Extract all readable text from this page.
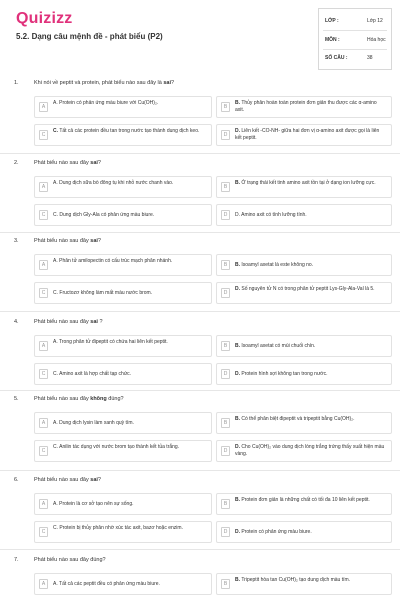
Quizizz
5.2. Dạng câu mệnh đề - phát biểu (P2)
LỚP :	Lớp 12
MÔN :	Hóa học
SỐ CÂU :	38
1.	Khi nói về peptit và protein, phát biểu nào sau đây là sai?
A
A. Protein có phản ứng màu biure với Cu(OH)₂.
B
B. Thủy phân hoàn toàn protein đơn giản thu được các α-amino axit.
C
C. Tất cả các protein đều tan trong nước tạo thành dung dịch keo.
D
D. Liên kết -CO-NH- giữa hai đơn vị α-amino axit được gọi là liên kết peptit.
2.	Phát biểu nào sau đây sai?
A
A. Dung dịch sữa bò đông tụ khi nhỏ nước chanh vào.
B
B. Ở trạng thái kết tinh amino axit tồn tại ở dạng ion lưỡng cực.
C	C. Dung dịch Gly-Ala có phản ứng màu biure.	D	D. Amino axit có tính lưỡng tính.
3.	Phát biểu nào sau đây sai?
A
A. Phân tử amilopectin có cấu trúc mạch phân nhánh.
B	B. Isoamyl axetat là este không no.
C	C. Fructozơ không làm mất màu nước brom.	D
D. Số nguyên tử N có trong phân tử peptit Lys-Gly-Ala-Val là 5.
4.	Phát biểu nào sau đây sai ?
A
A. Trong phân tử đipeptit có chứa hai liên kết peptit.
B	B. Isoamyl axetat có mùi chuối chín.
C	C. Amino axit là hợp chất tạp chức.	D	D. Protein hình sợi không tan trong nước.
5.	Phát biểu nào sau đây không đúng?
A	A. Dung dịch lysin làm xanh quỳ tím.	B
B. Có thể phân biệt đipeptit và tripeptit bằng Cu(OH)₂.
C
C. Anilin tác dụng với nước brom tạo thành kết tủa trắng.
D
D. Cho Cu(OH)₂ vào dung dịch lòng trắng trứng thấy xuất hiện màu vàng.
6.	Phát biểu nào sau đây sai?
A	A. Protein là cơ sở tạo nên sự sống.	B
B. Protein đơn giản là những chất có tối đa 10 liên kết peptit.
C
C. Protein bị thủy phân nhờ xúc tác axit, bazơ hoặc enzim.
D	D. Protein có phản ứng màu biure.
7.	Phát biểu nào sau đây đúng?
A	A. Tất cả các peptit đều có phản ứng màu biure.	B
B. Tripeptit hòa tan Cu(OH)₂ tạo dung dịch màu tím.
